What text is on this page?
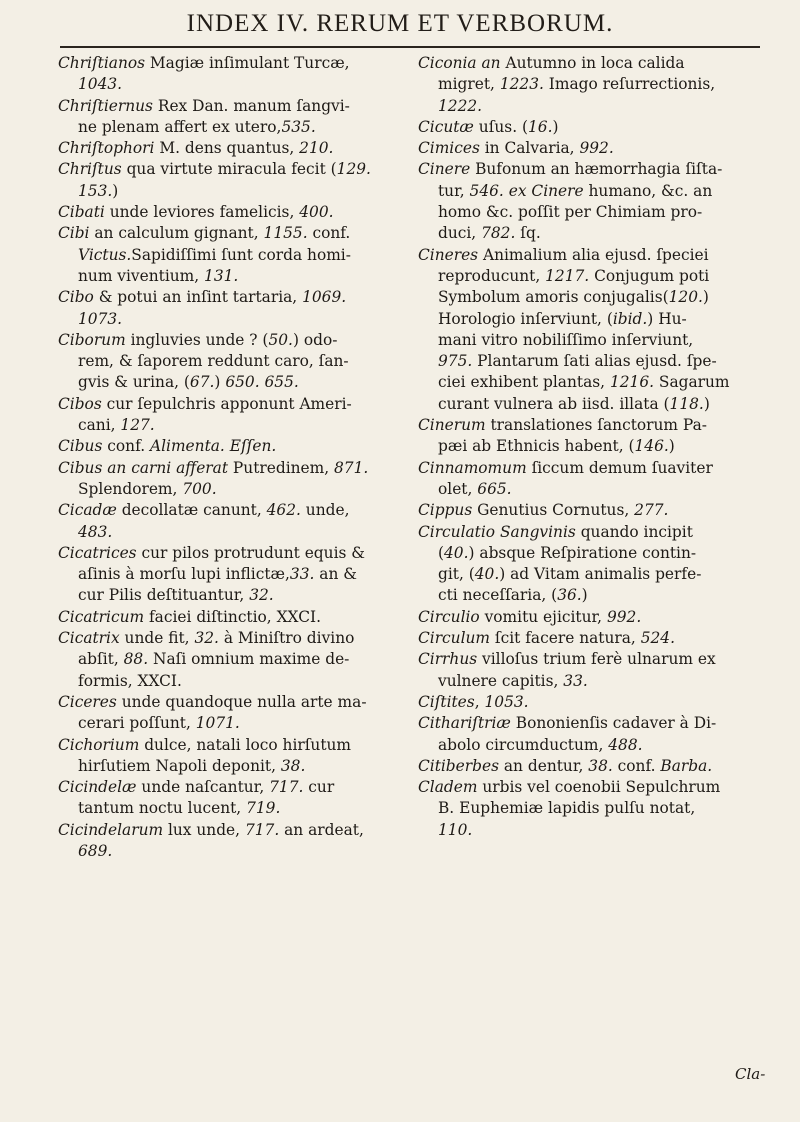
INDEX IV. RERUM ET VERBORUM.
Chriſtianos Magiæ inſimulant Turcæ,
1043.
Chriſtiernus Rex Dan. manum ſangvi-
ne plenam affert ex utero,535.
Chriſtophori M. dens quantus, 210.
Chriſtus qua virtute miracula fecit (129.
153.)
Cibati unde leviores famelicis, 400.
Cibi an calculum gignant, 1155. conf.
Victus.Sapidiſſimi ſunt corda homi-
num viventium, 131.
Cibo & potui an inſint tartaria, 1069.
1073.
Ciborum ingluvies unde ? (50.) odo-
rem, & ſaporem reddunt caro, ſan-
gvis & urina, (67.) 650. 655.
Cibos cur ſepulchris apponunt Ameri-
cani, 127.
Cibus conf. Alimenta. Eſſen.
Cibus an carni afferat Putredinem, 871.
Splendorem, 700.
Cicadæ decollatæ canunt, 462. unde,
483.
Cicatrices cur pilos protrudunt equis &
aſinis à morſu lupi inflictæ,33. an &
cur Pilis deſtituantur, 32.
Cicatricum faciei diſtinctio, XXCI.
Cicatrix unde fit, 32. à Miniſtro divino
abſit, 88. Naſi omnium maxime de-
formis, XXCI.
Ciceres unde quandoque nulla arte ma-
cerari poſſunt, 1071.
Cichorium dulce, natali loco hirſutum
hirſutiem Napoli deponit, 38.
Cicindelæ unde naſcantur, 717. cur
tantum noctu lucent, 719.
Cicindelarum lux unde, 717. an ardeat,
689.
Ciconia an Autumno in loca calida
migret, 1223. Imago reſurrectionis,
1222.
Cicutæ uſus. (16.)
Cimices in Calvaria, 992.
Cinere Bufonum an hæmorrhagia ſiſta-
tur, 546. ex Cinere humano, &c. an
homo &c. poſſit per Chimiam pro-
duci, 782. ſq.
Cineres Animalium alia ejusd. ſpeciei
reproducunt, 1217. Conjugum poti
Symbolum amoris conjugalis(120.)
Horologio inſerviunt, (ibid.) Hu-
mani vitro nobiliſſimo inſerviunt,
975. Plantarum ſati alias ejusd. ſpe-
ciei exhibent plantas, 1216. Sagarum
curant vulnera ab iisd. illata (118.)
Cinerum translationes ſanctorum Pa-
pæi ab Ethnicis habent, (146.)
Cinnamomum ſiccum demum ſuaviter
olet, 665.
Cippus Genutius Cornutus, 277.
Circulatio Sangvinis quando incipit
(40.) absque Reſpiratione contin-
git, (40.) ad Vitam animalis perfe-
cti neceſſaria, (36.)
Circulio vomitu ejicitur, 992.
Circulum ſcit facere natura, 524.
Cirrhus villoſus trium ferè ulnarum ex
vulnere capitis, 33.
Ciſtites, 1053.
Cithariſtriæ Bononienſis cadaver à Di-
abolo circumductum, 488.
Citiberbes an dentur, 38. conf. Barba.
Cladem urbis vel coenobii Sepulchrum
B. Euphemiæ lapidis pulſu notat,
110.
Cla-
